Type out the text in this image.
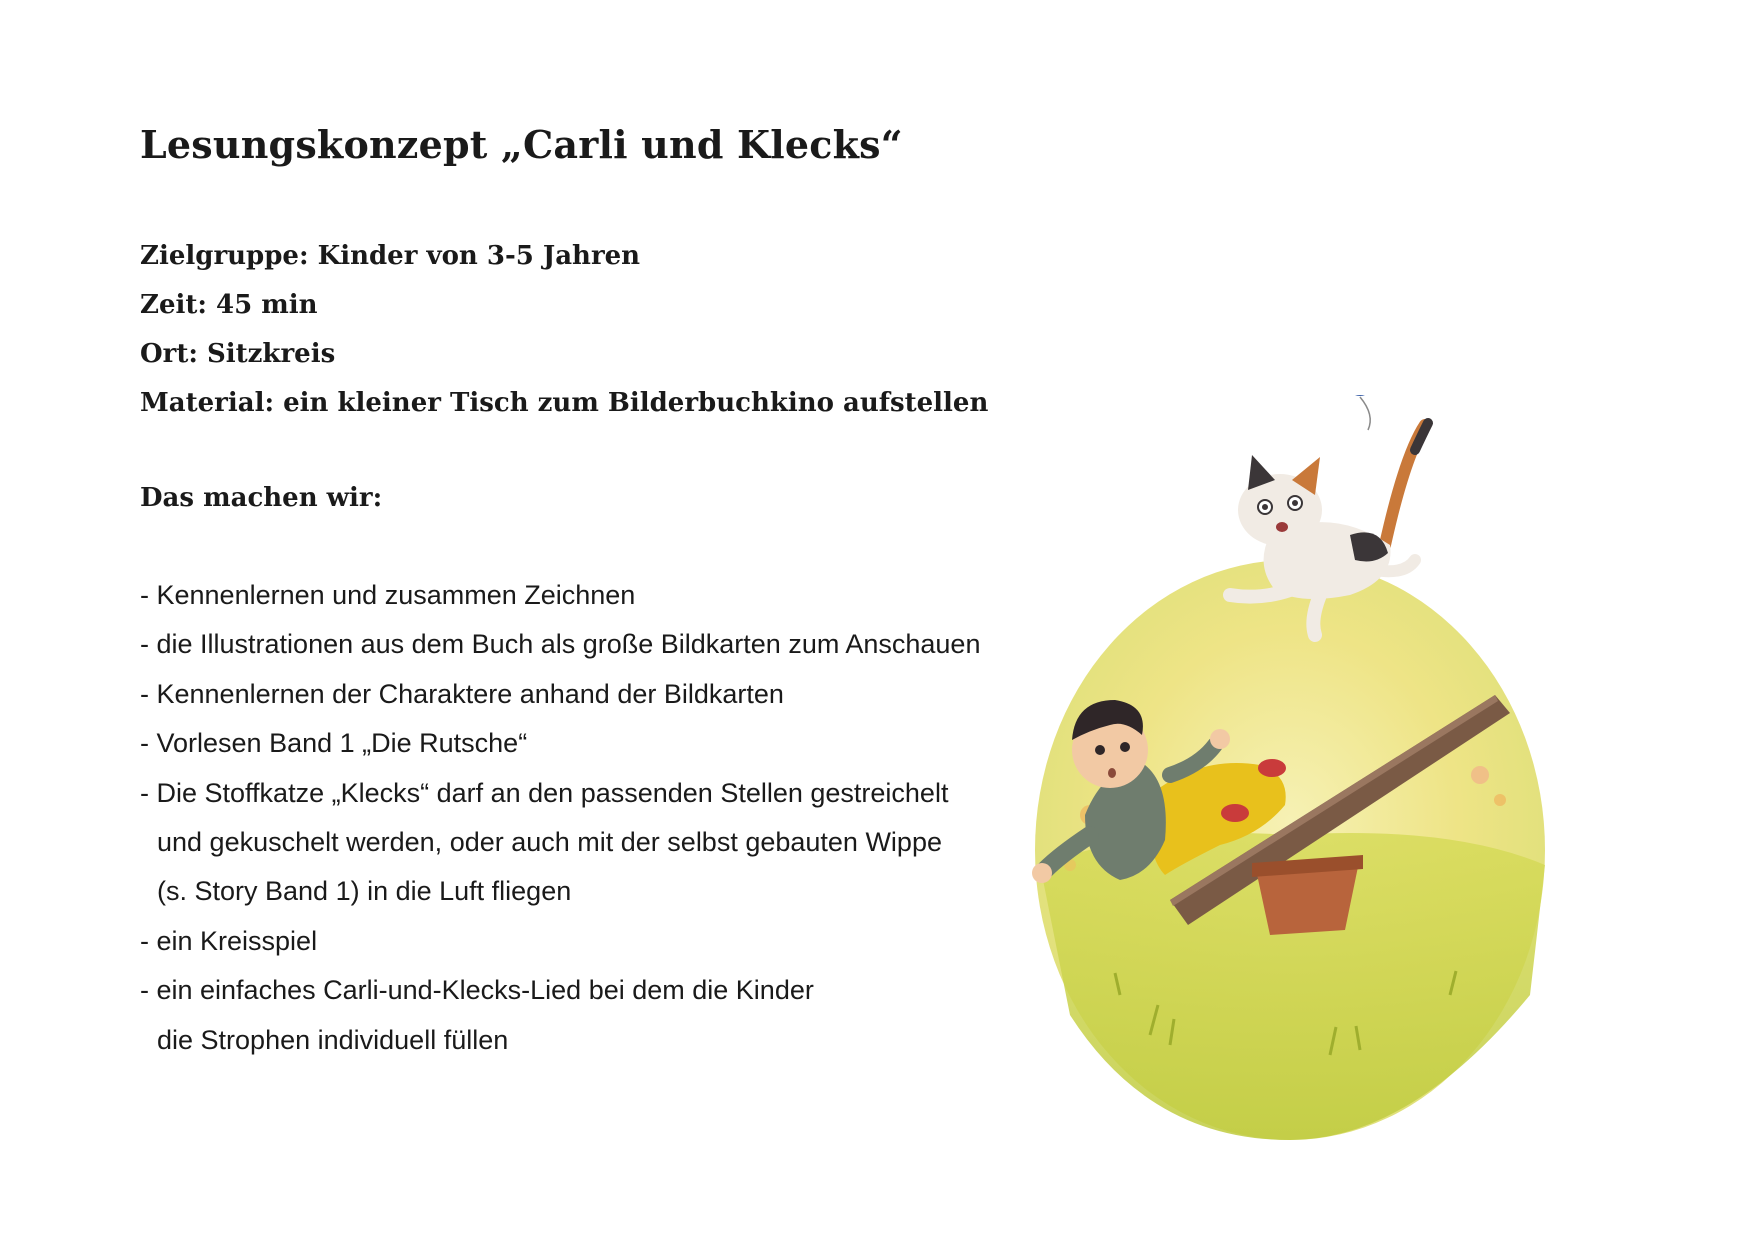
Lesungskonzept „Carli und Klecks“
Zielgruppe: Kinder von 3-5 Jahren
Zeit: 45 min
Ort: Sitzkreis
Material: ein kleiner Tisch zum Bilderbuchkino aufstellen
Das machen wir:
- Kennenlernen und zusammen Zeichnen
- die Illustrationen aus dem Buch als große Bildkarten zum Anschauen
- Kennenlernen der Charaktere anhand der Bildkarten
- Vorlesen Band 1 „Die Rutsche“
- Die Stoffkatze „Klecks“ darf an den passenden Stellen gestreichelt
und gekuschelt werden, oder auch mit der selbst gebauten Wippe
(s. Story Band 1) in die Luft fliegen
- ein Kreisspiel
- ein einfaches Carli-und-Klecks-Lied bei dem die Kinder
die Strophen individuell füllen
